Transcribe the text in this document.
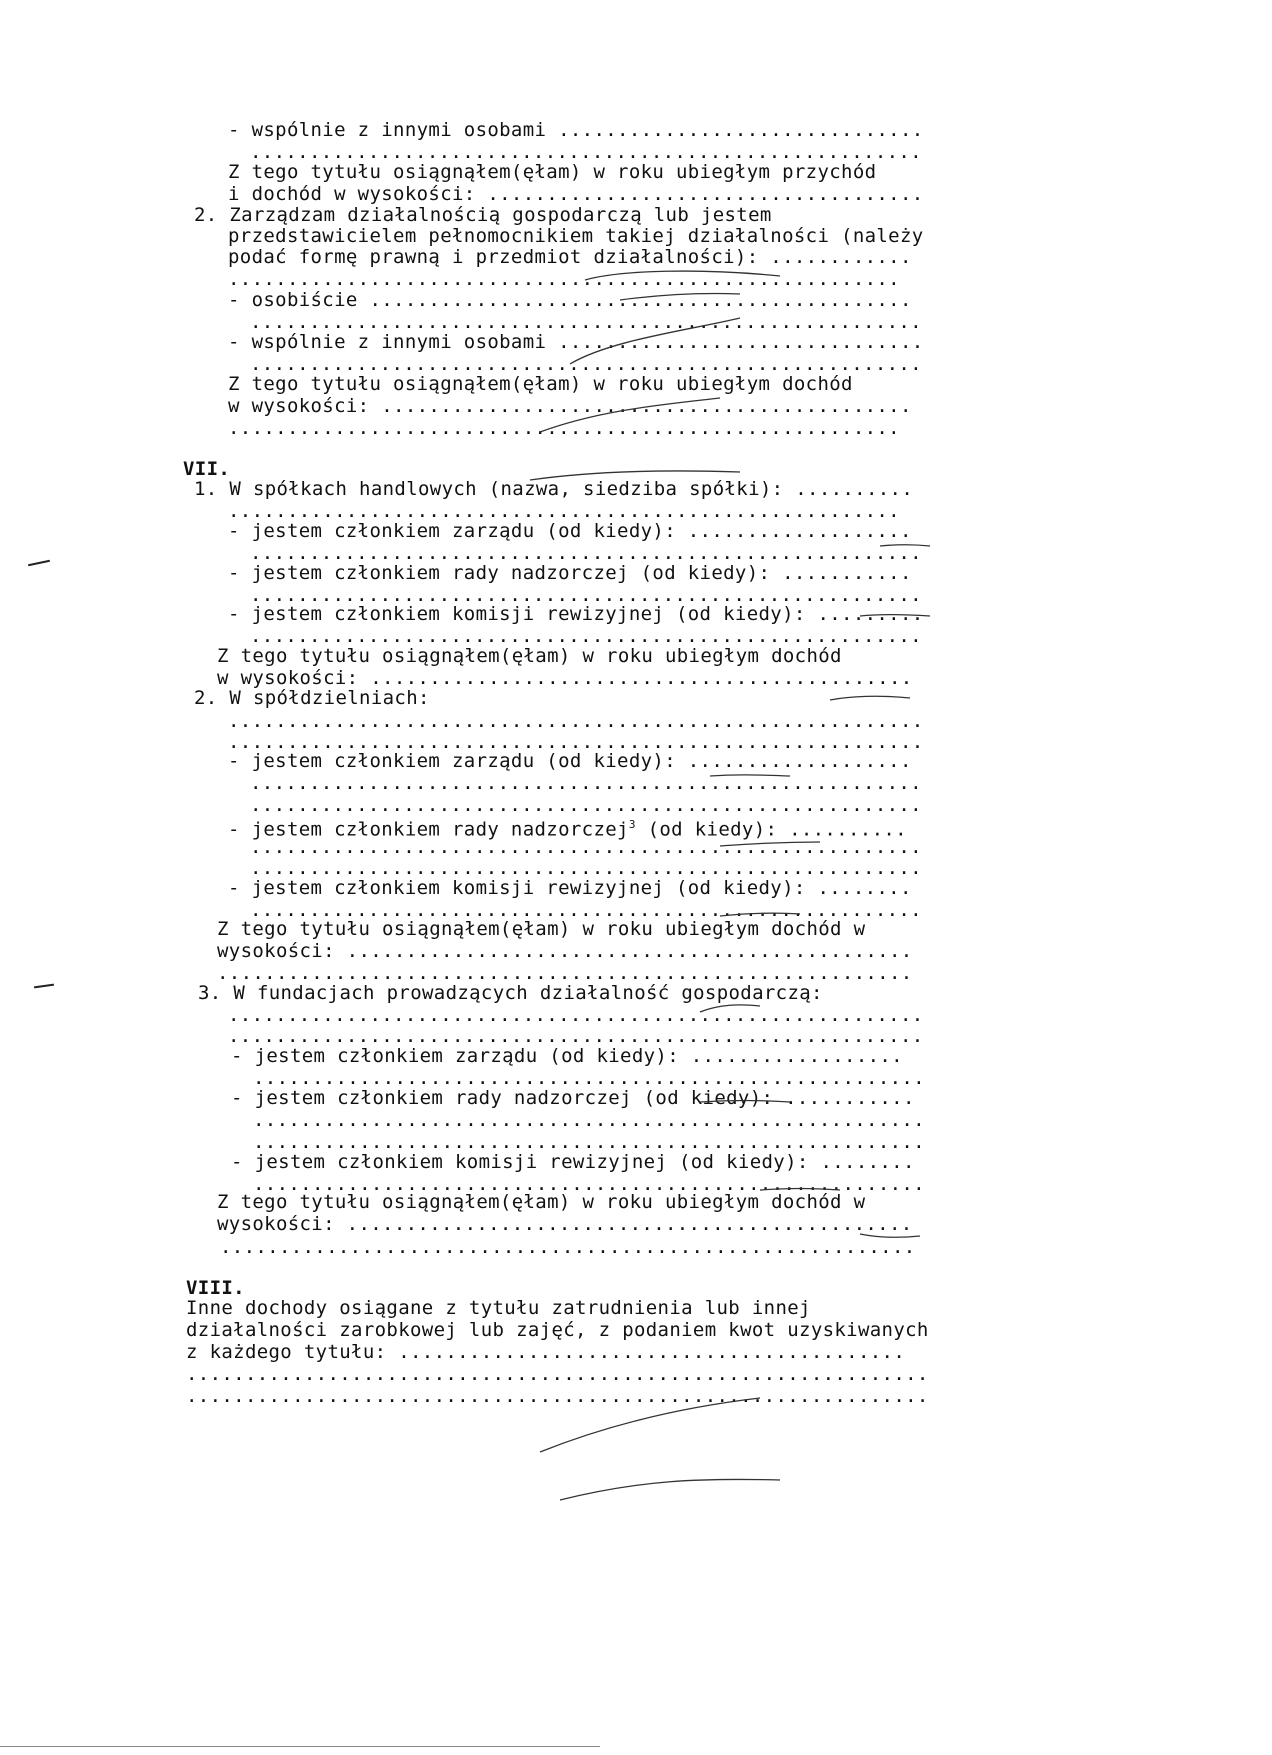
- wspólnie z innymi osobami ...............................
.........................................................
Z tego tytułu osiągnąłem(ęłam) w roku ubiegłym przychód
i dochód w wysokości: .....................................
2. Zarządzam działalnością gospodarczą lub jestem
przedstawicielem pełnomocnikiem takiej działalności (należy
podać formę prawną i przedmiot działalności): ............
.........................................................
- osobiście ..............................................
.........................................................
- wspólnie z innymi osobami ...............................
.........................................................
Z tego tytułu osiągnąłem(ęłam) w roku ubiegłym dochód
w wysokości: .............................................
.........................................................
VII.
1. W spółkach handlowych (nazwa, siedziba spółki): ..........
.........................................................
- jestem członkiem zarządu (od kiedy): ...................
.........................................................
- jestem członkiem rady nadzorczej (od kiedy): ...........
.........................................................
- jestem członkiem komisji rewizyjnej (od kiedy): .........
.........................................................
Z tego tytułu osiągnąłem(ęłam) w roku ubiegłym dochód
w wysokości: ..............................................
2. W spółdzielniach:
...........................................................
...........................................................
- jestem członkiem zarządu (od kiedy): ...................
.........................................................
.........................................................
- jestem członkiem rady nadzorczej$^3$ (od kiedy): ..........
.........................................................
.........................................................
- jestem członkiem komisji rewizyjnej (od kiedy): ........
.........................................................
Z tego tytułu osiągnąłem(ęłam) w roku ubiegłym dochód w
wysokości: ................................................
...........................................................
3. W fundacjach prowadzących działalność gospodarczą:
...........................................................
...........................................................
- jestem członkiem zarządu (od kiedy): ..................
.........................................................
- jestem członkiem rady nadzorczej (od kiedy): ...........
.........................................................
.........................................................
- jestem członkiem komisji rewizyjnej (od kiedy): ........
.........................................................
Z tego tytułu osiągnąłem(ęłam) w roku ubiegłym dochód w
wysokości: ................................................
...........................................................
VIII.
Inne dochody osiągane z tytułu zatrudnienia lub innej
działalności zarobkowej lub zajęć, z podaniem kwot uzyskiwanych
z każdego tytułu: ...........................................
...............................................................
...............................................................
